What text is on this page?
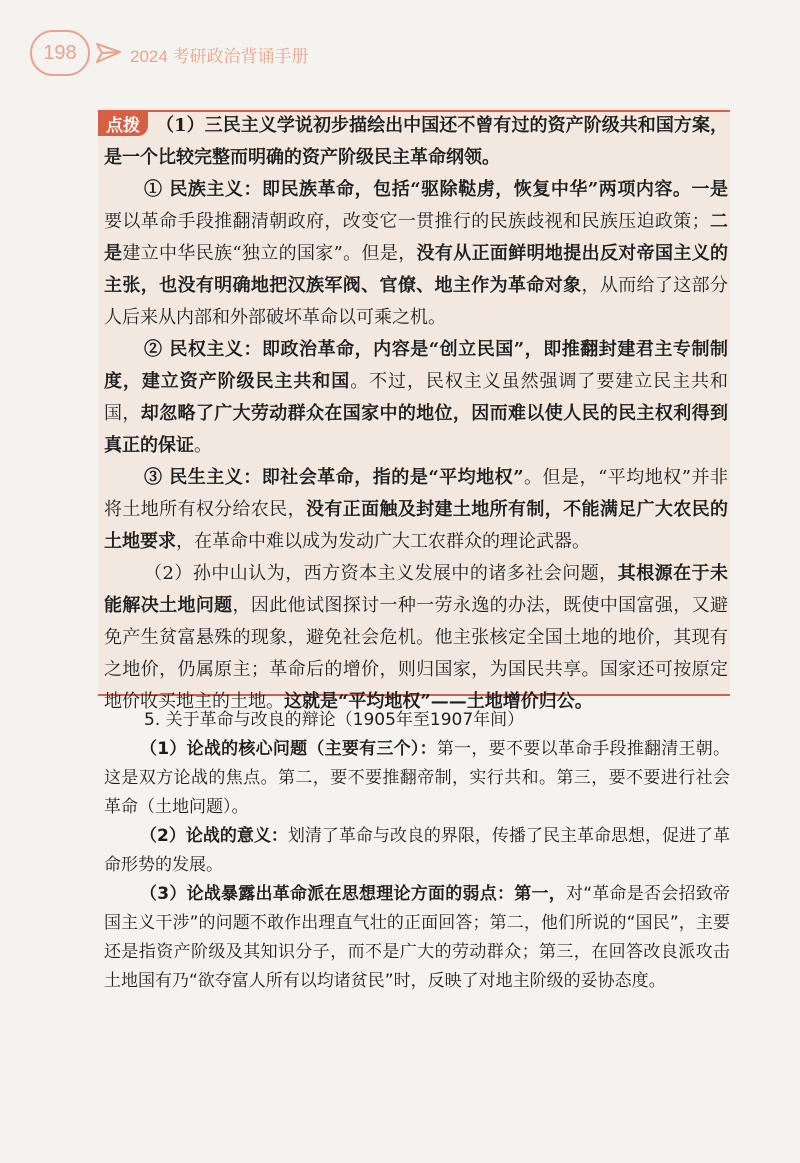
198	2024 考研政治背诵手册

（1）三民主义学说初步描绘出中国还不曾有过的资产阶级共和国方案，是一个比较完整而明确的资产阶级民主革命纲领。

① 民族主义：即民族革命，包括“驱除鞑虏，恢复中华”两项内容。一是要以革命手段推翻清朝政府，改变它一贯推行的民族歧视和民族压迫政策；二是建立中华民族“独立的国家”。但是，没有从正面鲜明地提出反对帝国主义的主张，也没有明确地把汉族军阀、官僚、地主作为革命对象，从而给了这部分人后来从内部和外部破坏革命以可乘之机。

② 民权主义：即政治革命，内容是“创立民国”，即推翻封建君主专制制度，建立资产阶级民主共和国。不过，民权主义虽然强调了要建立民主共和国，却忽略了广大劳动群众在国家中的地位，因而难以使人民的民主权利得到真正的保证。

③ 民生主义：即社会革命，指的是“平均地权”。但是，“平均地权”并非将土地所有权分给农民，没有正面触及封建土地所有制，不能满足广大农民的土地要求，在革命中难以成为发动广大工农群众的理论武器。

（2）孙中山认为，西方资本主义发展中的诸多社会问题，其根源在于未能解决土地问题，因此他试图探讨一种一劳永逸的办法，既使中国富强，又避免产生贫富悬殊的现象，避免社会危机。他主张核定全国土地的地价，其现有之地价，仍属原主；革命后的增价，则归国家，为国民共享。国家还可按原定地价收买地主的土地。这就是“平均地权”——土地增价归公。

点拨

5. 关于革命与改良的辩论（1905年至1907年间）

（1）论战的核心问题（主要有三个）：第一，要不要以革命手段推翻清王朝。这是双方论战的焦点。第二，要不要推翻帝制，实行共和。第三，要不要进行社会革命（土地问题）。

（2）论战的意义：划清了革命与改良的界限，传播了民主革命思想，促进了革命形势的发展。

（3）论战暴露出革命派在思想理论方面的弱点：第一，对“革命是否会招致帝国主义干涉”的问题不敢作出理直气壮的正面回答；第二，他们所说的“国民”，主要还是指资产阶级及其知识分子，而不是广大的劳动群众；第三，在回答改良派攻击土地国有乃“欲夺富人所有以均诸贫民”时，反映了对地主阶级的妥协态度。
